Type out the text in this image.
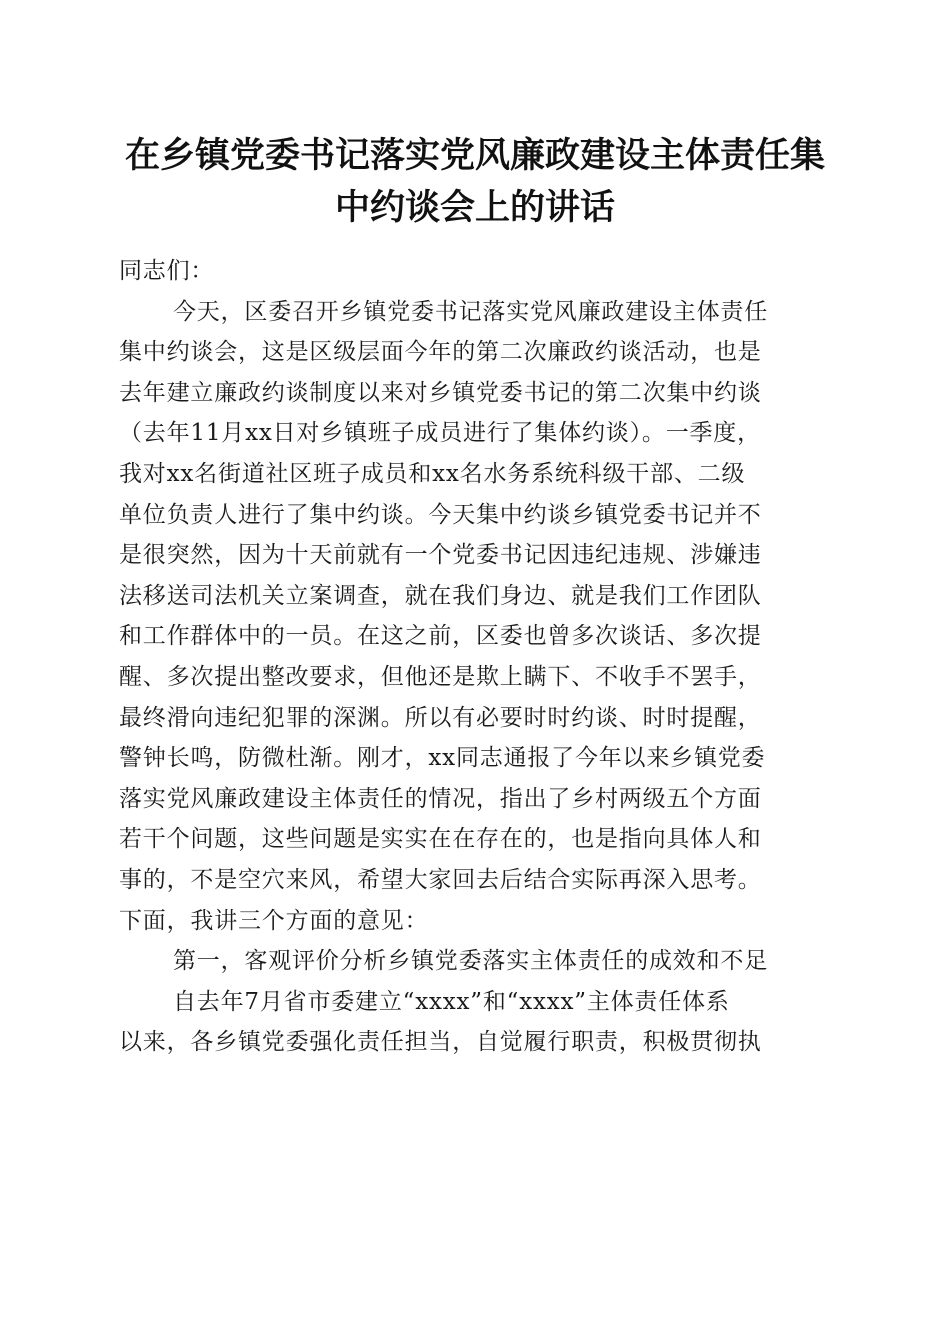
在乡镇党委书记落实党风廉政建设主体责任集
中约谈会上的讲话
同志们：
今天，区委召开乡镇党委书记落实党风廉政建设主体责任
集中约谈会，这是区级层面今年的第二次廉政约谈活动，也是
去年建立廉政约谈制度以来对乡镇党委书记的第二次集中约谈
（去年11月xx日对乡镇班子成员进行了集体约谈）。一季度，
我对xx名街道社区班子成员和xx名水务系统科级干部、二级
单位负责人进行了集中约谈。今天集中约谈乡镇党委书记并不
是很突然，因为十天前就有一个党委书记因违纪违规、涉嫌违
法移送司法机关立案调查，就在我们身边、就是我们工作团队
和工作群体中的一员。在这之前，区委也曾多次谈话、多次提
醒、多次提出整改要求，但他还是欺上瞒下、不收手不罢手，
最终滑向违纪犯罪的深渊。所以有必要时时约谈、时时提醒，
警钟长鸣，防微杜渐。刚才，xx同志通报了今年以来乡镇党委
落实党风廉政建设主体责任的情况，指出了乡村两级五个方面
若干个问题，这些问题是实实在在存在的，也是指向具体人和
事的，不是空穴来风，希望大家回去后结合实际再深入思考。
下面，我讲三个方面的意见：
第一，客观评价分析乡镇党委落实主体责任的成效和不足
自去年7月省市委建立“xxxx”和“xxxx”主体责任体系
以来，各乡镇党委强化责任担当，自觉履行职责，积极贯彻执
